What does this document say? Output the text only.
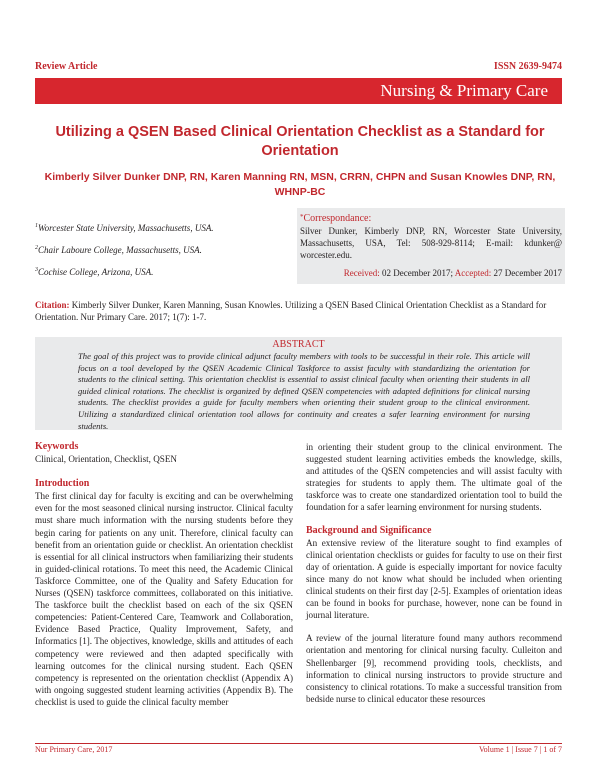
Review Article	ISSN 2639-9474
Nursing & Primary Care
Utilizing a QSEN Based Clinical Orientation Checklist as a Standard for Orientation
Kimberly Silver Dunker DNP, RN, Karen Manning RN, MSN, CRRN, CHPN and Susan Knowles DNP, RN, WHNP-BC
$^1$Worcester State University, Massachusetts, USA.
$^2$Chair Laboure College, Massachusetts, USA.
$^3$Cochise College, Arizona, USA.
*Correspondance:
Silver Dunker, Kimberly DNP, RN, Worcester State University, Massachusetts, USA, Tel: 508-929-8114; E-mail: kdunker@ worcester.edu.
Received: 02 December 2017; Accepted: 27 December 2017
Citation: Kimberly Silver Dunker, Karen Manning, Susan Knowles. Utilizing a QSEN Based Clinical Orientation Checklist as a Standard for Orientation. Nur Primary Care. 2017; 1(7): 1-7.
ABSTRACT
The goal of this project was to provide clinical adjunct faculty members with tools to be successful in their role. This article will focus on a tool developed by the QSEN Academic Clinical Taskforce to assist faculty with standardizing the orientation for students to the clinical setting. This orientation checklist is essential to assist clinical faculty when orienting their students in all guided clinical rotations. The checklist is organized by defined QSEN competencies with adapted definitions for clinical nursing students. The checklist provides a guide for faculty members when orienting their student group to the clinical environment. Utilizing a standardized clinical orientation tool allows for continuity and creates a safer learning environment for nursing students.
Keywords

Clinical, Orientation, Checklist, QSEN

Introduction

The first clinical day for faculty is exciting and can be overwhelming even for the most seasoned clinical nursing instructor. Clinical faculty must share much information with the nursing students before they begin caring for patients on any unit. Therefore, clinical faculty can benefit from an orientation guide or checklist. An orientation checklist is essential for all clinical instructors when familiarizing their students in guided-clinical rotations. To meet this need, the Academic Clinical Taskforce Committee, one of the Quality and Safety Education for Nurses (QSEN) taskforce committees, collaborated on this initiative. The taskforce built the checklist based on each of the six QSEN competencies: Patient-Centered Care, Teamwork and Collaboration, Evidence Based Practice, Quality Improvement, Safety, and Informatics [1]. The objectives, knowledge, skills and attitudes of each competency were reviewed and then adapted specifically with learning outcomes for the clinical nursing student. Each QSEN competency is represented on the orientation checklist (Appendix A) with ongoing suggested student learning activities (Appendix B). The checklist is used to guide the clinical faculty member

in orienting their student group to the clinical environment. The suggested student learning activities embeds the knowledge, skills, and attitudes of the QSEN competencies and will assist faculty with strategies for students to apply them. The ultimate goal of the taskforce was to create one standardized orientation tool to build the foundation for a safer learning environment for nursing students.

Background and Significance

An extensive review of the literature sought to find examples of clinical orientation checklists or guides for faculty to use on their first day of orientation. A guide is especially important for novice faculty since many do not know what should be included when orienting clinical students on their first day [2-5]. Examples of orientation ideas can be found in books for purchase, however, none can be found in journal literature.

A review of the journal literature found many authors recommend orientation and mentoring for clinical nursing faculty. Culleiton and Shellenbarger [9], recommend providing tools, checklists, and information to clinical nursing instructors to provide structure and consistency to clinical rotations. To make a successful transition from bedside nurse to clinical educator these resources

Nur Primary Care, 2017	Volume 1 | Issue 7 | 1 of 7
